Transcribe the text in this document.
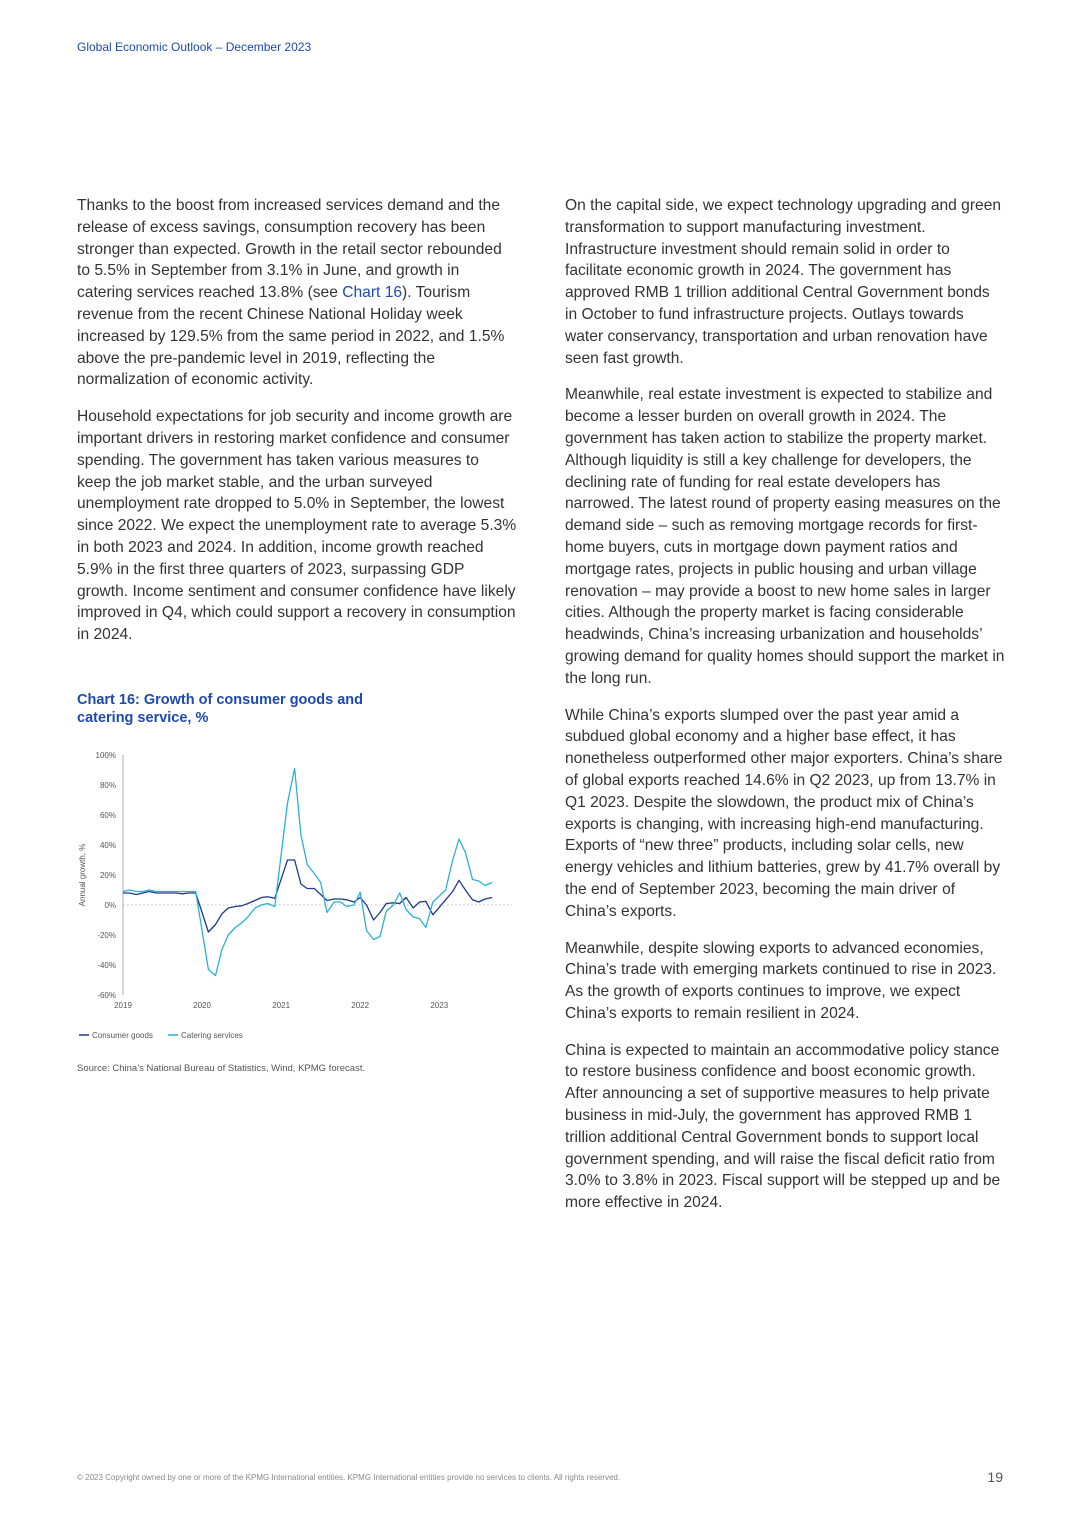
Global Economic Outlook – December 2023

Thanks to the boost from increased services demand and the release of excess savings, consumption recovery has been stronger than expected. Growth in the retail sector rebounded to 5.5% in September from 3.1% in June, and growth in catering services reached 13.8% (see Chart 16). Tourism revenue from the recent Chinese National Holiday week increased by 129.5% from the same period in 2022, and 1.5% above the pre-pandemic level in 2019, reflecting the normalization of economic activity.

Household expectations for job security and income growth are important drivers in restoring market confidence and consumer spending. The government has taken various measures to keep the job market stable, and the urban surveyed unemployment rate dropped to 5.0% in September, the lowest since 2022. We expect the unemployment rate to average 5.3% in both 2023 and 2024. In addition, income growth reached 5.9% in the first three quarters of 2023, surpassing GDP growth. Income sentiment and consumer confidence have likely improved in Q4, which could support a recovery in consumption in 2024.

Chart 16: Growth of consumer goods and catering service, %
100%
80%
60%
40%
20%
0%
-20%
-40%
-60%
Annual growth, %
2019	2020	2021	2022	2023
Consumer goods	Catering services
Source: China’s National Bureau of Statistics, Wind, KPMG forecast.

On the capital side, we expect technology upgrading and green transformation to support manufacturing investment. Infrastructure investment should remain solid in order to facilitate economic growth in 2024. The government has approved RMB 1 trillion additional Central Government bonds in October to fund infrastructure projects. Outlays towards water conservancy, transportation and urban renovation have seen fast growth.

Meanwhile, real estate investment is expected to stabilize and become a lesser burden on overall growth in 2024. The government has taken action to stabilize the property market. Although liquidity is still a key challenge for developers, the declining rate of funding for real estate developers has narrowed. The latest round of property easing measures on the demand side – such as removing mortgage records for first-home buyers, cuts in mortgage down payment ratios and mortgage rates, projects in public housing and urban village renovation – may provide a boost to new home sales in larger cities. Although the property market is facing considerable headwinds, China’s increasing urbanization and households’ growing demand for quality homes should support the market in the long run.

While China’s exports slumped over the past year amid a subdued global economy and a higher base effect, it has nonetheless outperformed other major exporters. China’s share of global exports reached 14.6% in Q2 2023, up from 13.7% in Q1 2023. Despite the slowdown, the product mix of China’s exports is changing, with increasing high-end manufacturing. Exports of “new three” products, including solar cells, new energy vehicles and lithium batteries, grew by 41.7% overall by the end of September 2023, becoming the main driver of China’s exports.

Meanwhile, despite slowing exports to advanced economies, China’s trade with emerging markets continued to rise in 2023. As the growth of exports continues to improve, we expect China’s exports to remain resilient in 2024.

China is expected to maintain an accommodative policy stance to restore business confidence and boost economic growth. After announcing a set of supportive measures to help private business in mid-July, the government has approved RMB 1 trillion additional Central Government bonds to support local government spending, and will raise the fiscal deficit ratio from 3.0% to 3.8% in 2023. Fiscal support will be stepped up and be more effective in 2024.

© 2023 Copyright owned by one or more of the KPMG International entities. KPMG International entities provide no services to clients. All rights reserved.	19
